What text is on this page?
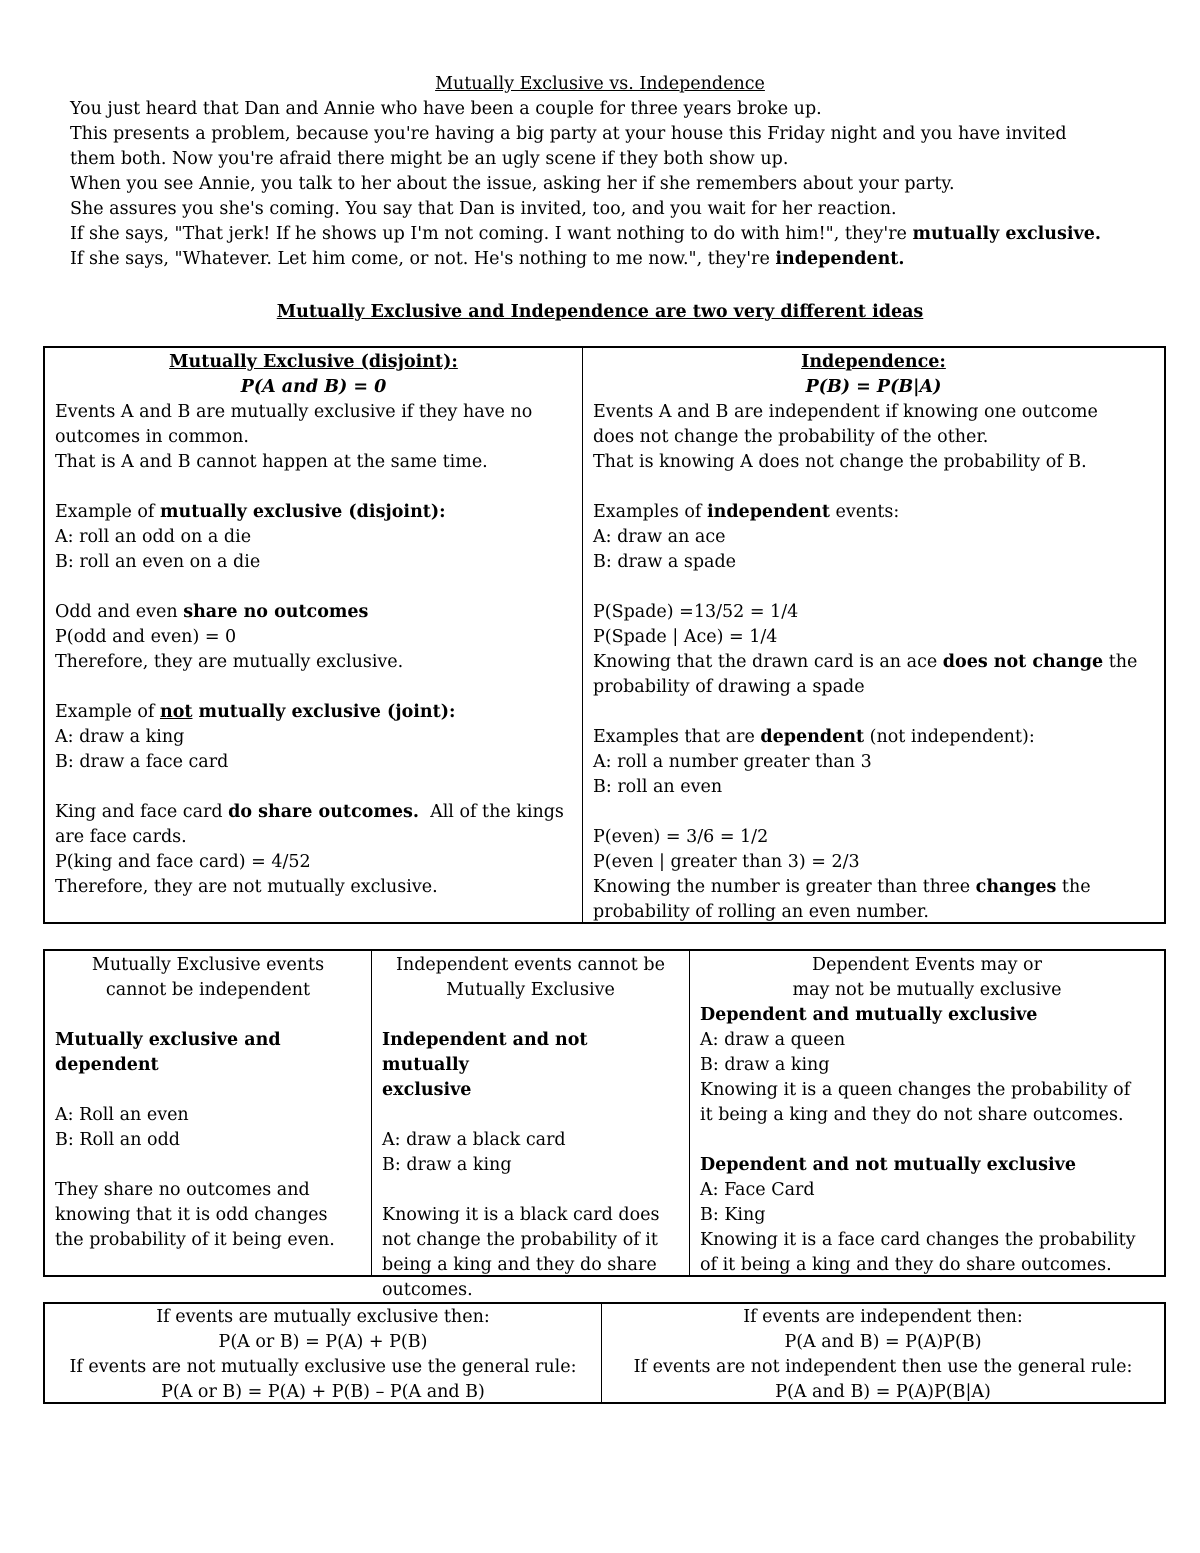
Mutually Exclusive vs. Independence

You just heard that Dan and Annie who have been a couple for three years broke up.

This presents a problem, because you're having a big party at your house this Friday night and you have invited

them both. Now you're afraid there might be an ugly scene if they both show up.

When you see Annie, you talk to her about the issue, asking her if she remembers about your party.

She assures you she's coming. You say that Dan is invited, too, and you wait for her reaction.

If she says, "That jerk! If he shows up I'm not coming. I want nothing to do with him!", they're mutually exclusive.

If she says, "Whatever. Let him come, or not. He's nothing to me now.", they're independent.

Mutually Exclusive and Independence are two very different ideas

Mutually Exclusive (disjoint):

P(A and B) = 0

Events A and B are mutually exclusive if they have no

outcomes in common.

That is A and B cannot happen at the same time.

Example of mutually exclusive (disjoint):

A: roll an odd on a die

B: roll an even on a die

Odd and even share no outcomes

P(odd and even) = 0

Therefore, they are mutually exclusive.

Example of not mutually exclusive (joint):

A: draw a king

B: draw a face card

King and face card do share outcomes.  All of the kings

are face cards.

P(king and face card) = 4/52

Therefore, they are not mutually exclusive.

Independence:

P(B) = P(B|A)

Events A and B are independent if knowing one outcome

does not change the probability of the other.

That is knowing A does not change the probability of B.

Examples of independent events:

A: draw an ace

B: draw a spade

P(Spade) =13/52 = 1/4

P(Spade | Ace) = 1/4

Knowing that the drawn card is an ace does not change the

probability of drawing a spade

Examples that are dependent (not independent):

A: roll a number greater than 3

B: roll an even

P(even) = 3/6 = 1/2

P(even | greater than 3) = 2/3

Knowing the number is greater than three changes the

probability of rolling an even number.

Mutually Exclusive events

cannot be independent

Mutually exclusive and

dependent

A: Roll an even

B: Roll an odd

They share no outcomes and

knowing that it is odd changes

the probability of it being even.

Independent events cannot be

Mutually Exclusive

Independent and not mutually

exclusive

A: draw a black card

B: draw a king

Knowing it is a black card does

not change the probability of it

being a king and they do share

outcomes.

Dependent Events may or

may not be mutually exclusive

Dependent and mutually exclusive

A: draw a queen

B: draw a king

Knowing it is a queen changes the probability of

it being a king and they do not share outcomes.

Dependent and not mutually exclusive

A: Face Card

B: King

Knowing it is a face card changes the probability

of it being a king and they do share outcomes.

If events are mutually exclusive then:

P(A or B) = P(A) + P(B)

If events are not mutually exclusive use the general rule:

P(A or B) = P(A) + P(B) – P(A and B)

If events are independent then:

P(A and B) = P(A)P(B)

If events are not independent then use the general rule:

P(A and B) = P(A)P(B|A)
